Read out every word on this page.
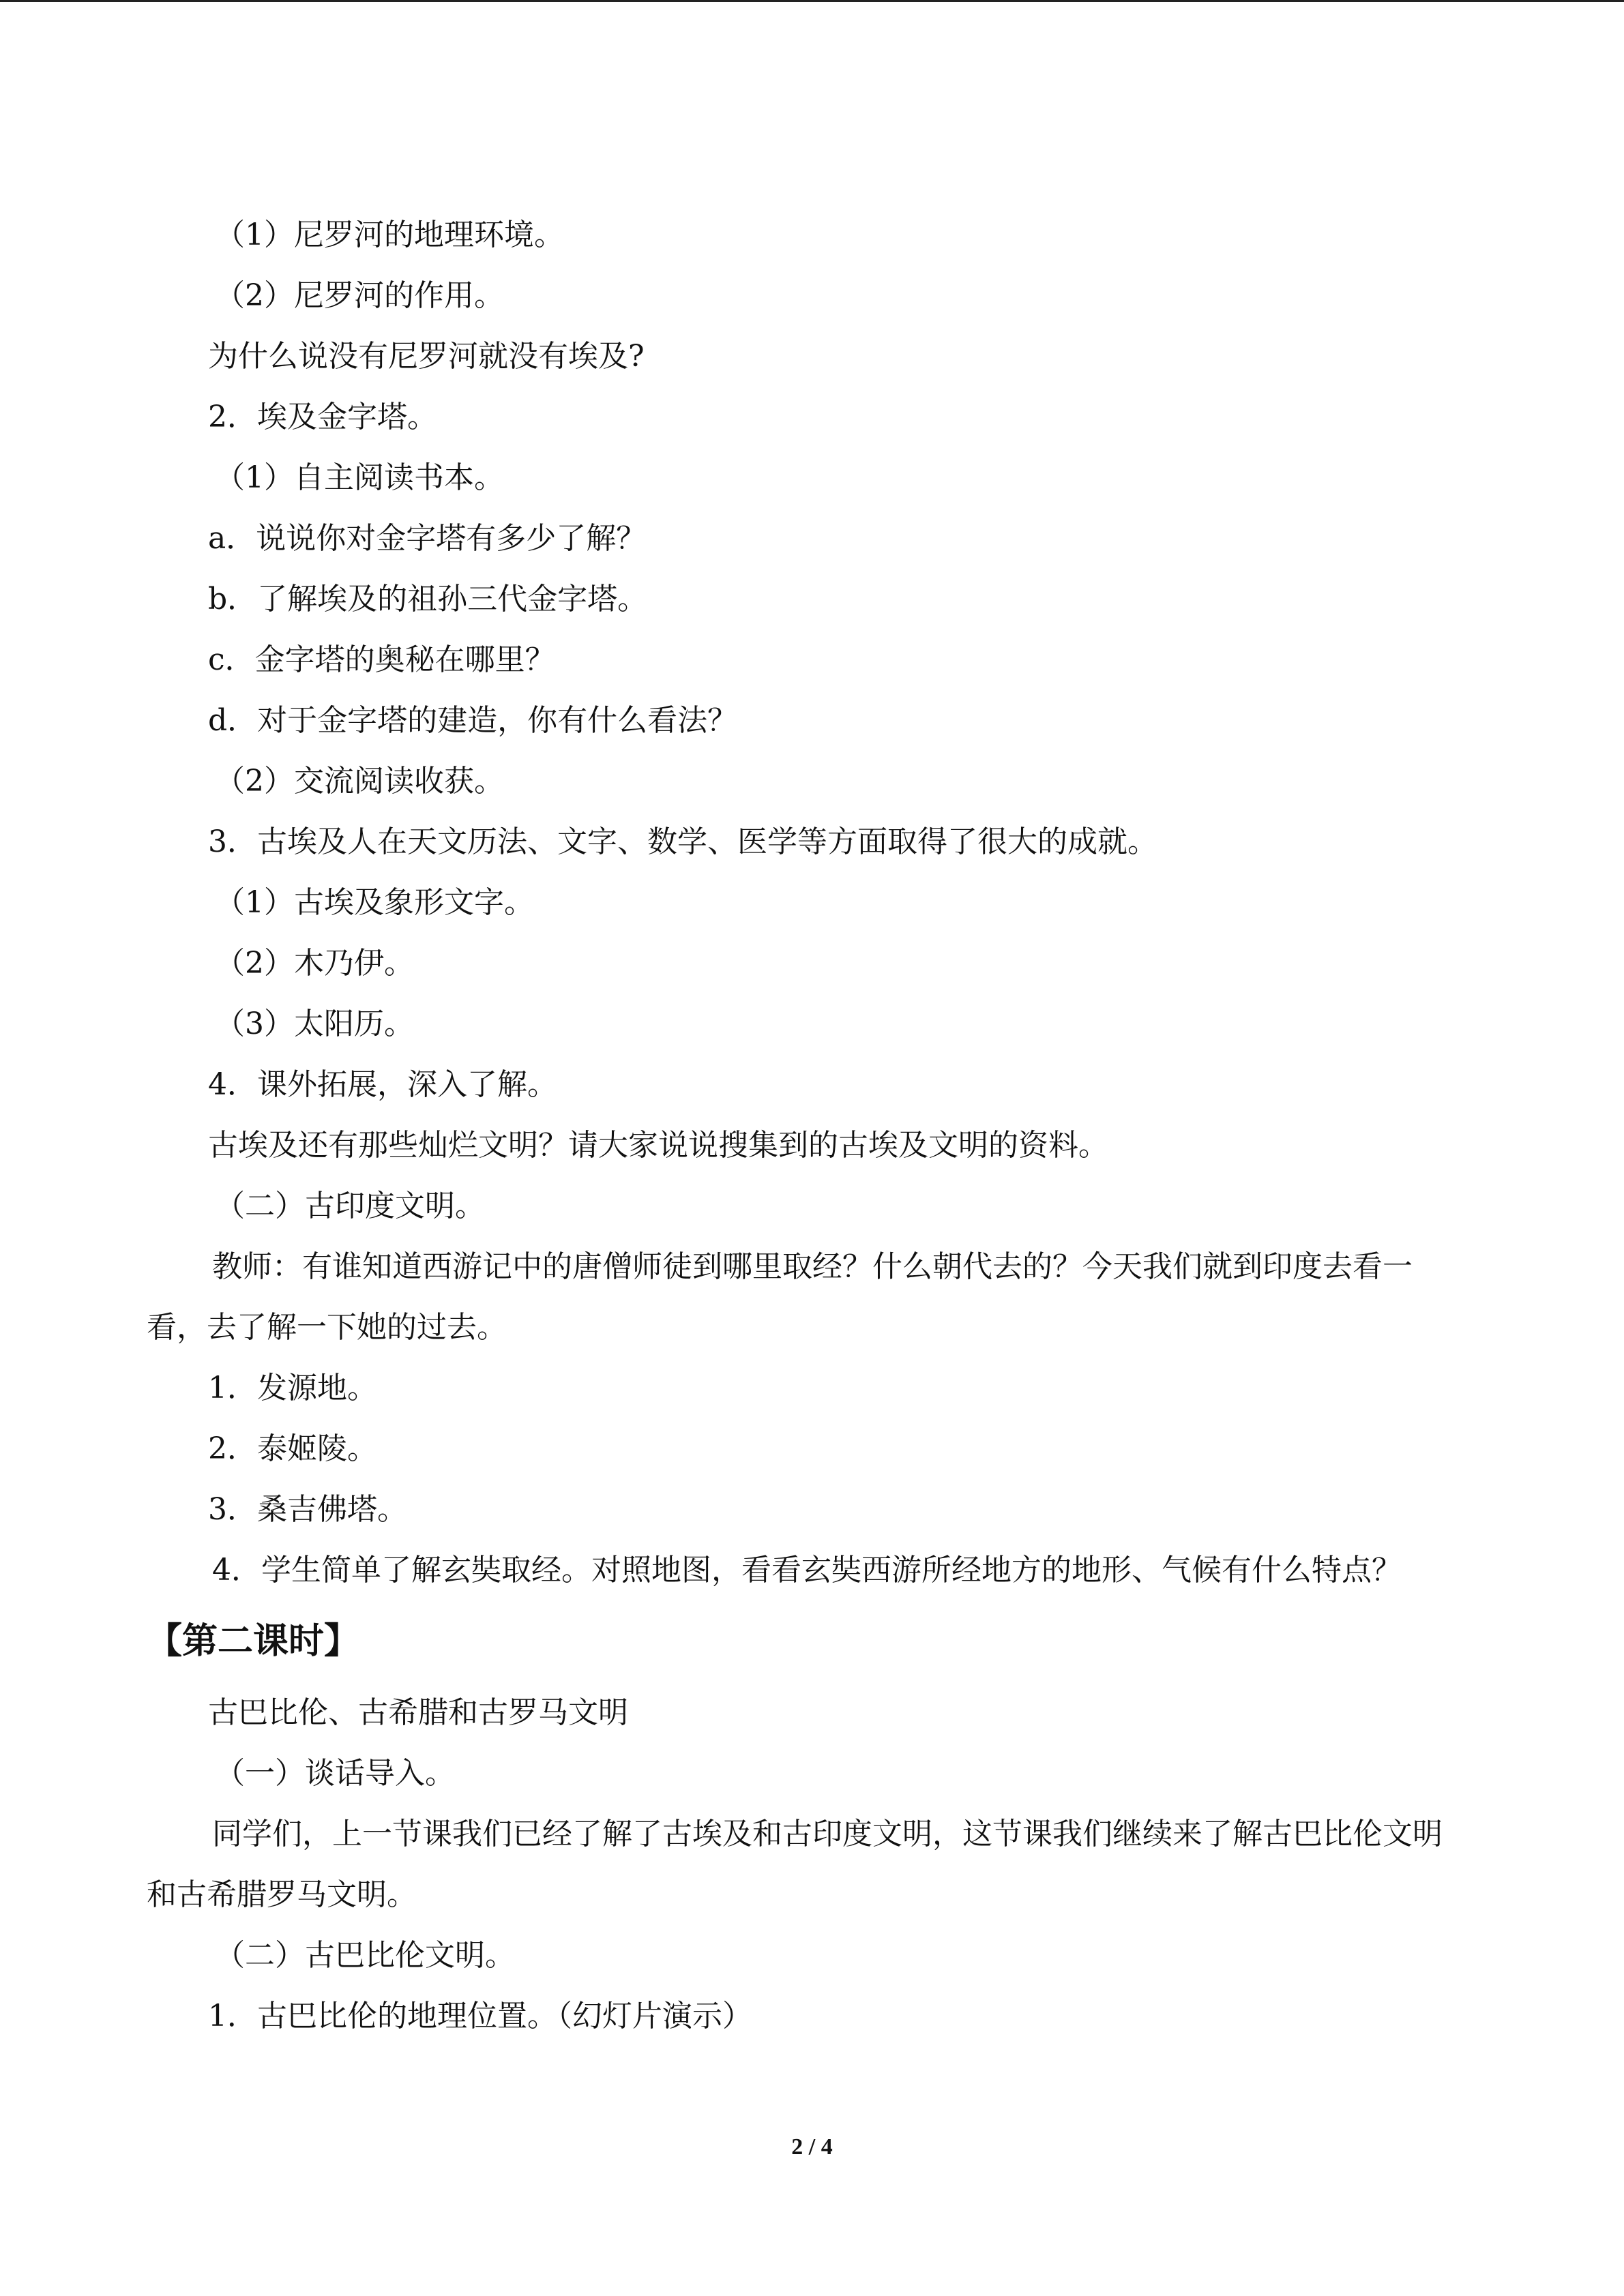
（1）尼罗河的地理环境。
（2）尼罗河的作用。
为什么说没有尼罗河就没有埃及?
2．埃及金字塔。
（1）自主阅读书本。
a．说说你对金字塔有多少了解？
b．了解埃及的祖孙三代金字塔。
c．金字塔的奥秘在哪里？
d．对于金字塔的建造，你有什么看法？
（2）交流阅读收获。
3．古埃及人在天文历法、文字、数学、医学等方面取得了很大的成就。
（1）古埃及象形文字。
（2）木乃伊。
（3）太阳历。
4．课外拓展，深入了解。
古埃及还有那些灿烂文明？请大家说说搜集到的古埃及文明的资料。
（二）古印度文明。
教师：有谁知道西游记中的唐僧师徒到哪里取经？什么朝代去的？今天我们就到印度去看一看，去了解一下她的过去。
1．发源地。
2．泰姬陵。
3．桑吉佛塔。
4．学生简单了解玄奘取经。对照地图，看看玄奘西游所经地方的地形、气候有什么特点？
【第二课时】
古巴比伦、古希腊和古罗马文明
（一）谈话导入。
同学们，上一节课我们已经了解了古埃及和古印度文明，这节课我们继续来了解古巴比伦文明和古希腊罗马文明。
（二）古巴比伦文明。
1．古巴比伦的地理位置。（幻灯片演示）
2 / 4
